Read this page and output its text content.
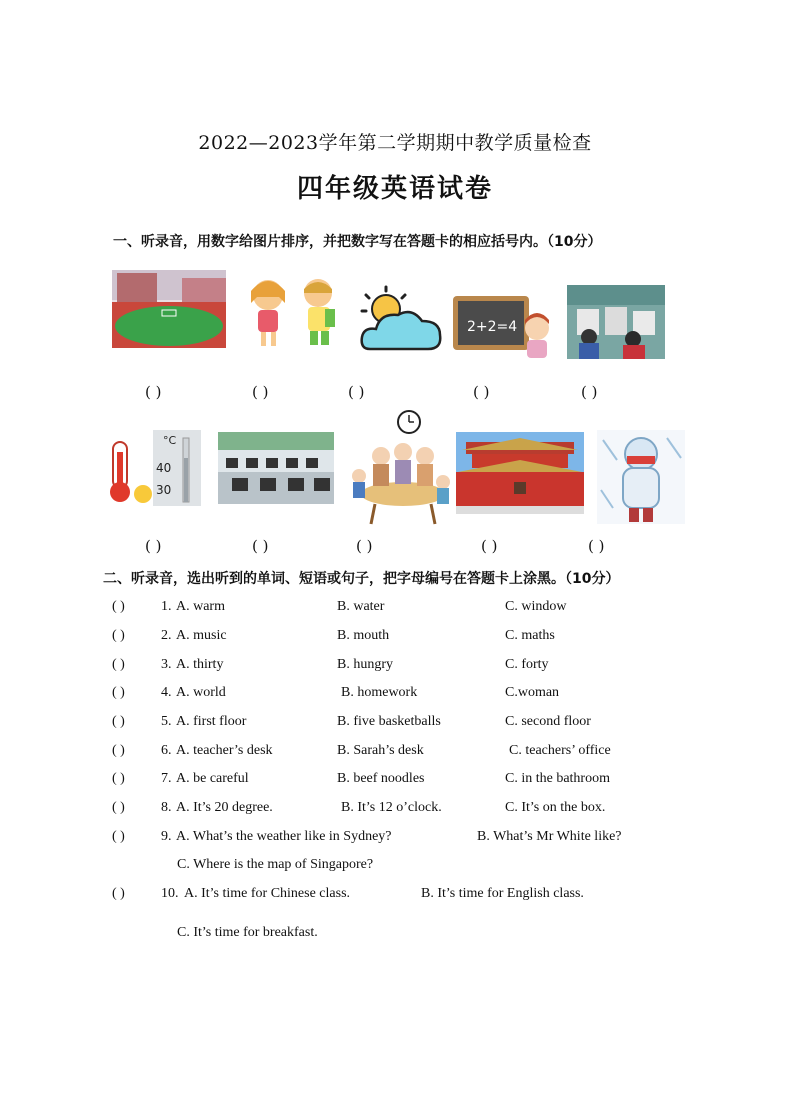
2022—2023学年第二学期期中教学质量检查
四年级英语试卷
一、听录音，用数字给图片排序，并把数字写在答题卡的相应括号内。（10分）
2+2=4
( )	( )	( )	( )	( )
°C
40
30
( )	( )	( )	( )	( )
二、听录音，选出听到的单词、短语或句子，把字母编号在答题卡上涂黑。（10分）
( )	1. A. warm	B. water	C. window
( )	2. A. music	B. mouth	C. maths
( )	3. A. thirty	B. hungry	C. forty
( )	4. A. world	B. homework	C.woman
( )	5. A. first floor	B. five basketballs	C. second floor
( )	6. A. teacher’s desk	B. Sarah’s desk	C. teachers’ office
( )	7. A. be careful	B. beef noodles	C. in the bathroom
( )	8. A. It’s 20 degree.	B. It’s 12 o’clock.	C. It’s on the box.
( )	9. A. What’s the weather like in Sydney?	B. What’s Mr White like?
C. Where is the map of Singapore?
( )	10. A. It’s time for Chinese class.	B. It’s time for English class.
C. It’s time for breakfast.
